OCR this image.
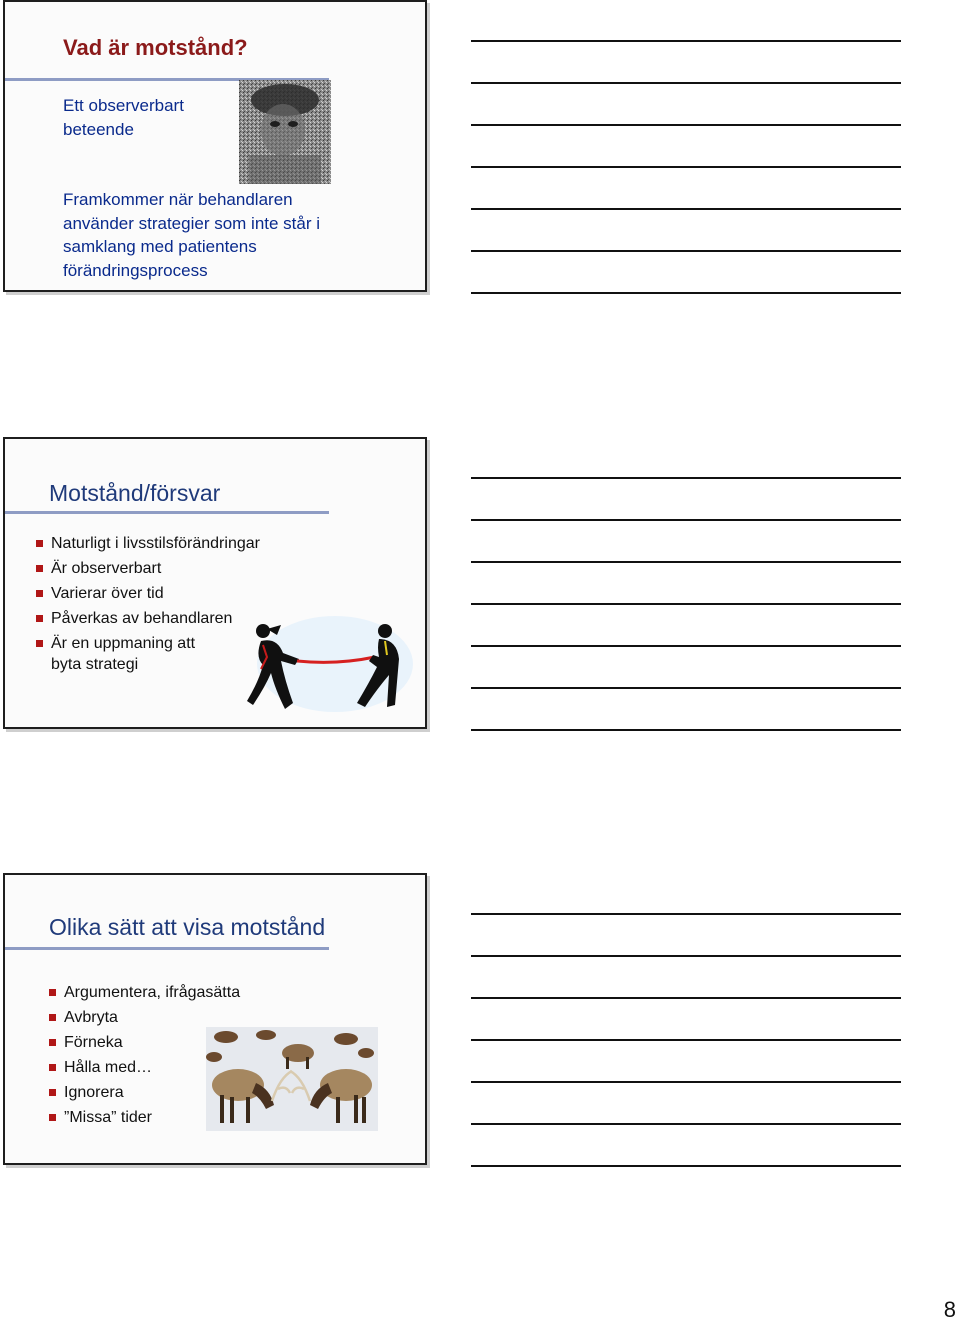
Vad är motstånd?
Ett observerbart
beteende
Framkommer när behandlaren
använder strategier som inte står i
samklang med patientens
förändringsprocess
Motstånd/försvar
Naturligt i livsstilsförändringar
Är observerbart
Varierar över tid
Påverkas av behandlaren
Är en uppmaning att
byta strategi
Olika sätt att visa motstånd
Argumentera, ifrågasätta
Avbryta
Förneka
Hålla med…
Ignorera
”Missa” tider
8
